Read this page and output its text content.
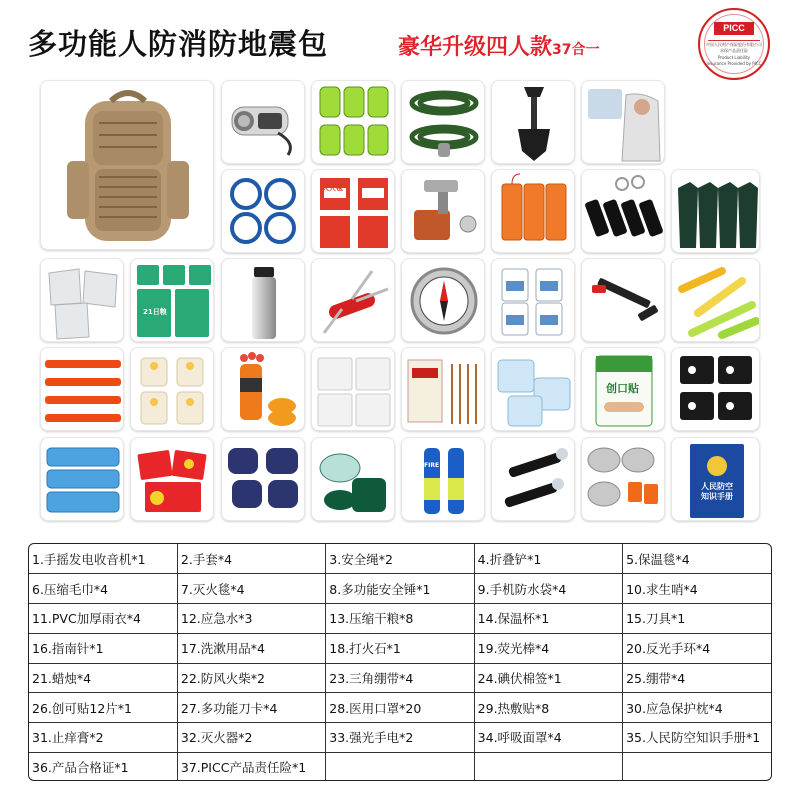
多功能人防消防地震包	豪华升级四人款37合一
PICC
中国人民财产保险股份有限公司
承保产品责任险
Product Liability
Insurance Provided by PICC
灭火毯
21日粮
创口贴
FIRE
人民防空
知识手册
1.手摇发电收音机*1	2.手套*4	3.安全绳*2	4.折叠铲*1	5.保温毯*4
6.压缩毛巾*4	7.灭火毯*4	8.多功能安全锤*1	9.手机防水袋*4	10.求生哨*4
11.PVC加厚雨衣*4	12.应急水*3	13.压缩干粮*8	14.保温杯*1	15.刀具*1
16.指南针*1	17.洗漱用品*4	18.打火石*1	19.荧光棒*4	20.反光手环*4
21.蜡烛*4	22.防风火柴*2	23.三角绷带*4	24.碘伏棉签*1	25.绷带*4
26.创可贴12片*1	27.多功能刀卡*4	28.医用口罩*20	29.热敷贴*8	30.应急保护枕*4
31.止痒膏*2	32.灭火器*2	33.强光手电*2	34.呼吸面罩*4	35.人民防空知识手册*1
36.产品合格证*1	37.PICC产品责任险*1			
